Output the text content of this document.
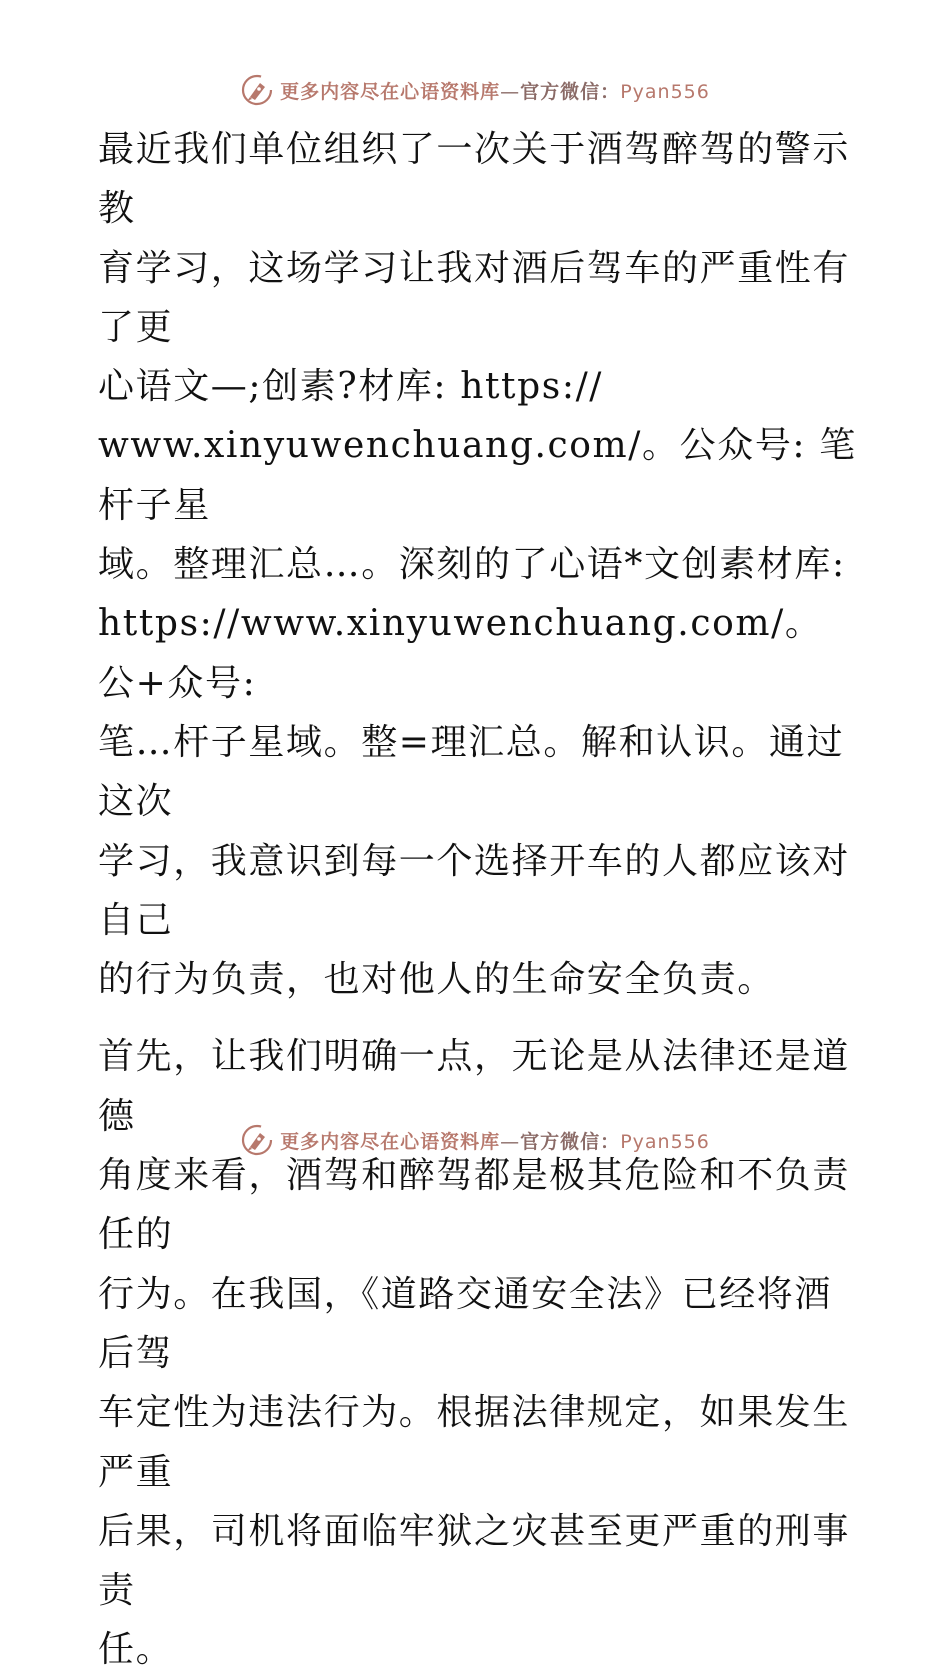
更多内容尽在心语资料库—官方微信：Pyan556

最近我们单位组织了一次关于酒驾醉驾的警示教
育学习，这场学习让我对酒后驾车的严重性有了更
心语文—;创素?材库: https://
www.xinyuwenchuang.com/。公众号: 笔杆子星
域。整理汇总…。深刻的了心语*文创素材库:
https://www.xinyuwenchuang.com/。公+众号:
笔…杆子星域。整=理汇总。解和认识。通过这次
学习，我意识到每一个选择开车的人都应该对自己
的行为负责，也对他人的生命安全负责。

首先，让我们明确一点，无论是从法律还是道德
角度来看，酒驾和醉驾都是极其危险和不负责任的
行为。在我国，《道路交通安全法》已经将酒后驾
车定性为违法行为。根据法律规定，如果发生严重
后果，司机将面临牢狱之灾甚至更严重的刑事责
任。

更多内容尽在心语资料库—官方微信：Pyan556
